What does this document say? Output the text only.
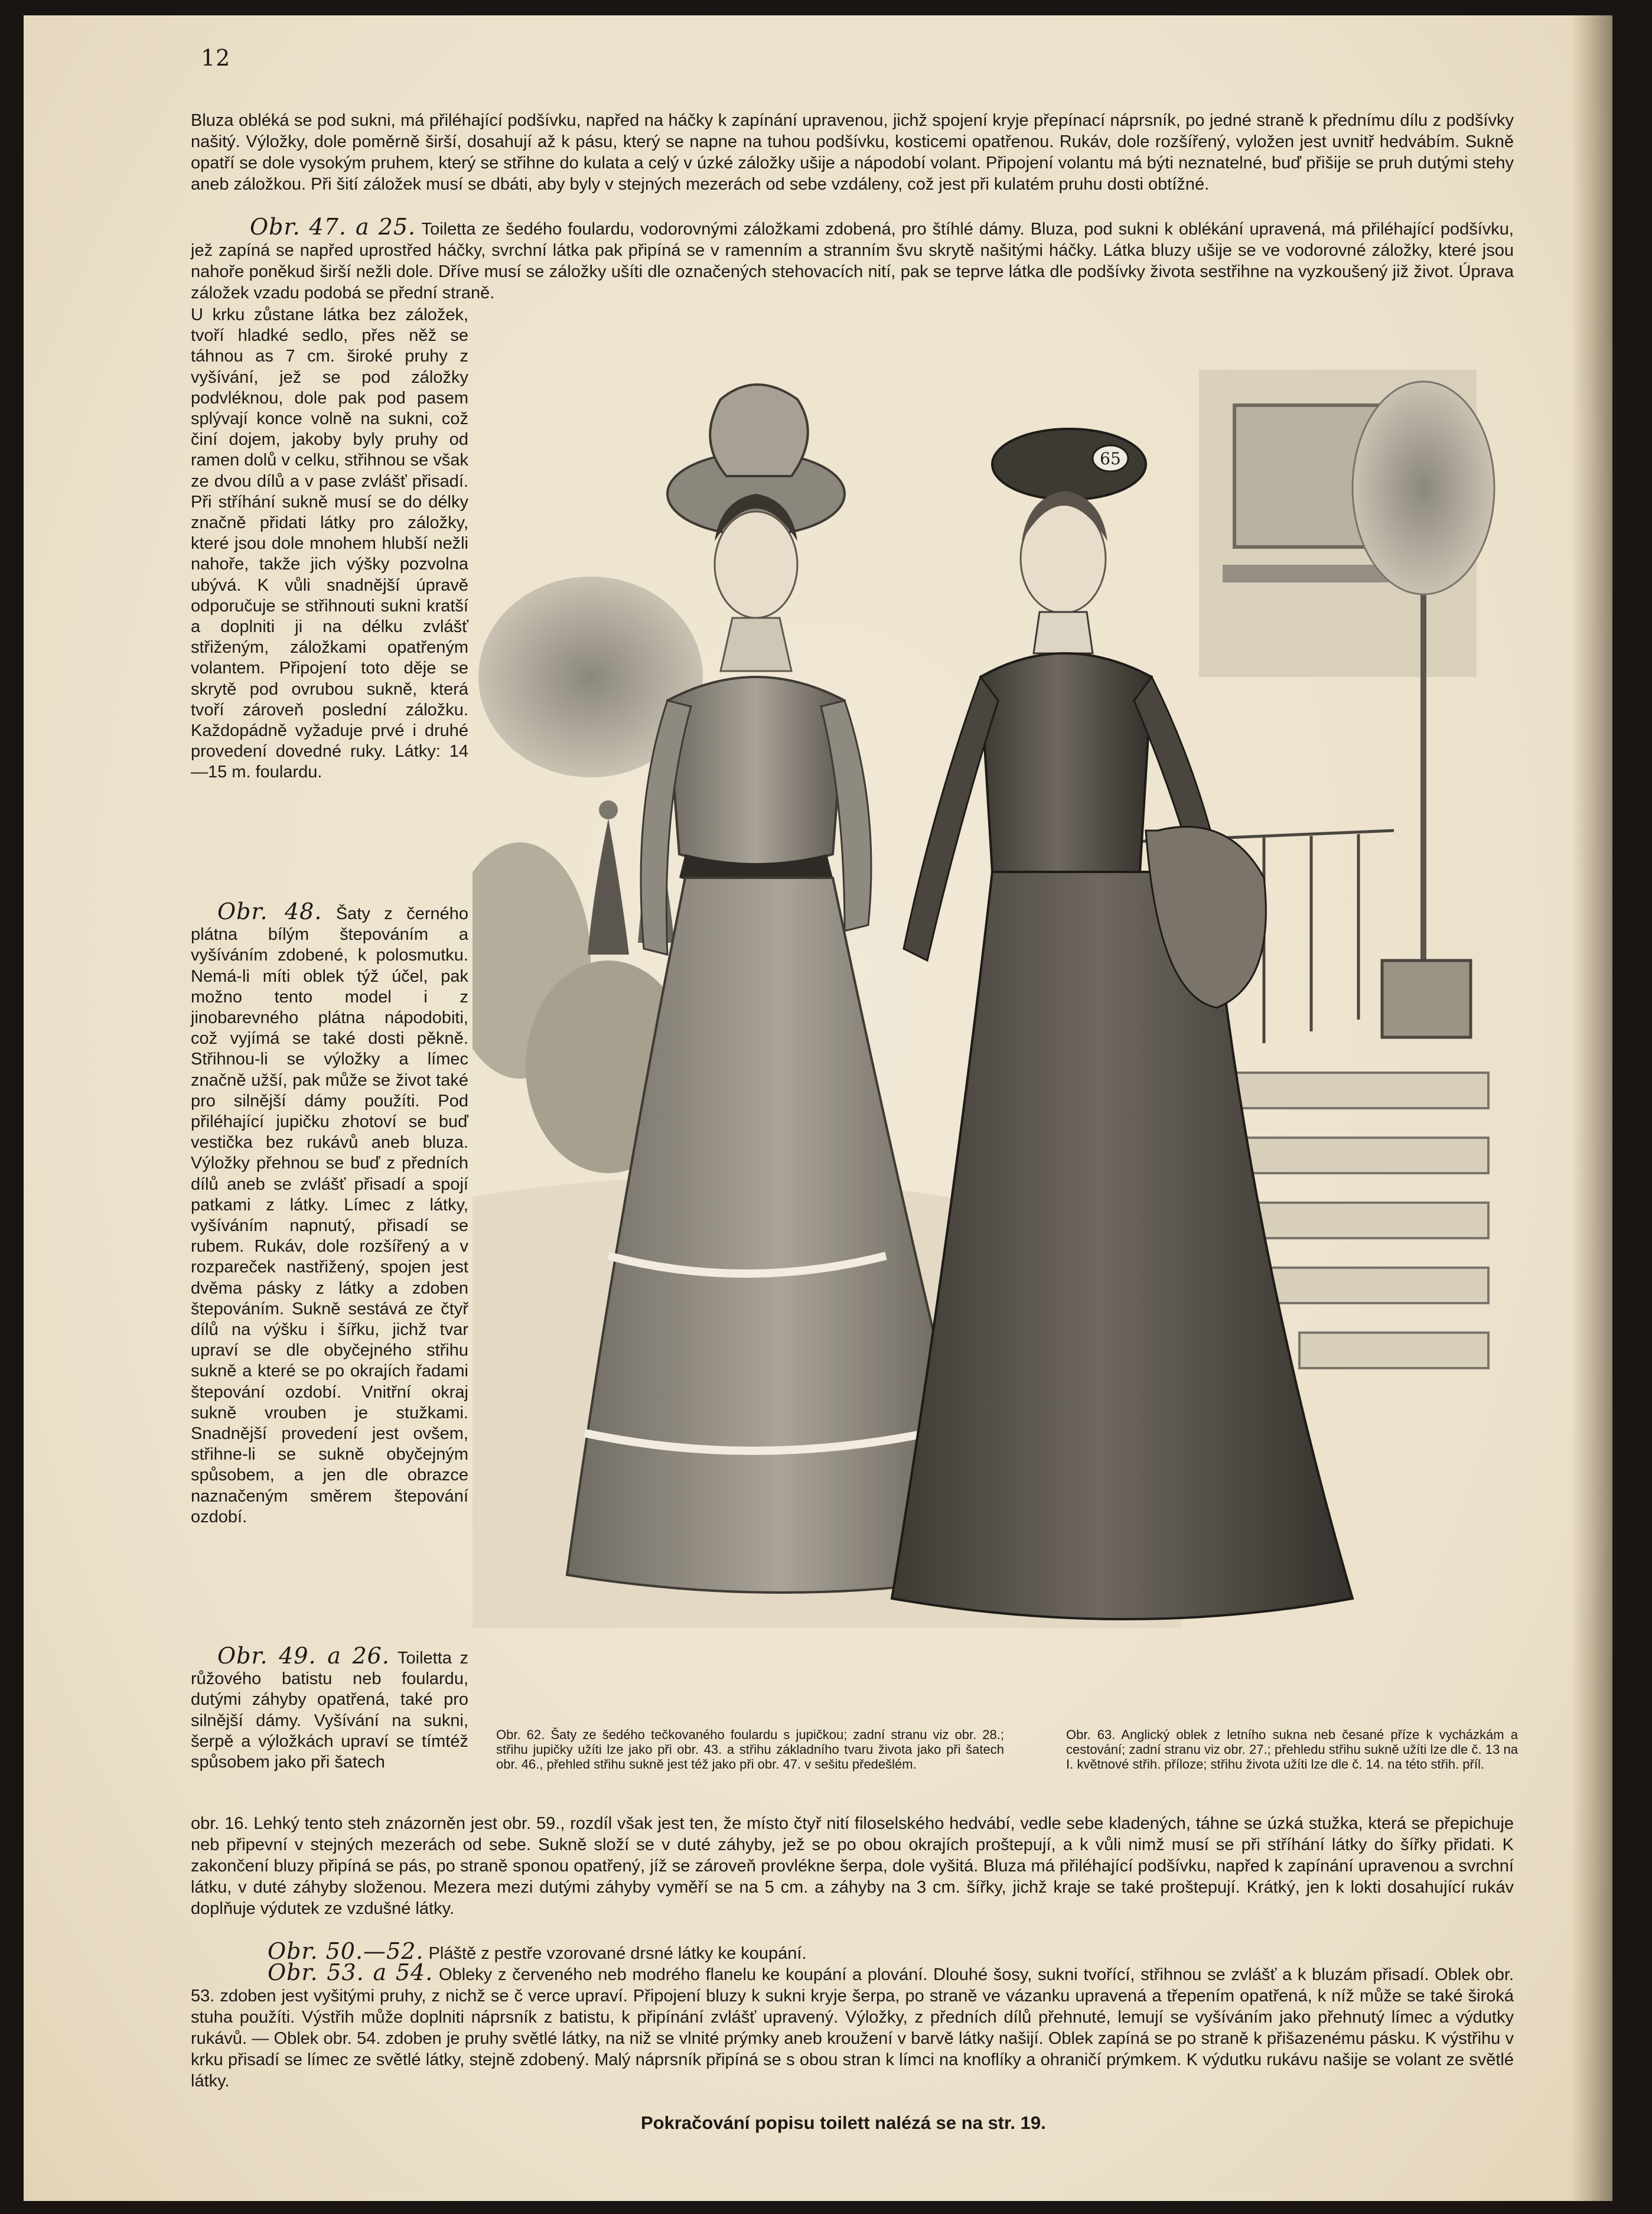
12

Bluza obléká se pod sukni, má přiléhající podšívku, napřed na háčky k zapínání upravenou, jichž spojení kryje přepínací náprsník, po jedné straně k přednímu dílu z podšívky našitý. Výložky, dole poměrně širší, dosahují až k pásu, který se napne na tuhou podšívku, kosticemi opatřenou. Rukáv, dole rozšířený, vyložen jest uvnitř hedvábím. Sukně opatří se dole vysokým pruhem, který se střihne do kulata a celý v úzké záložky ušije a nápodobí volant. Připojení volantu má býti neznatelné, buď přišije se pruh dutými stehy aneb záložkou. Při šití záložek musí se dbáti, aby byly v stejných mezerách od sebe vzdáleny, což jest při kulatém pruhu dosti obtížné.

Obr. 47. a 25. Toiletta ze šedého foulardu, vodorovnými záložkami zdobená, pro štíhlé dámy. Bluza, pod sukni k oblékání upravená, má přiléhající podšívku, jež zapíná se napřed uprostřed háčky, svrchní látka pak připíná se v ramenním a stranním švu skrytě našitými háčky. Látka bluzy ušije se ve vodorovné záložky, které jsou nahoře poněkud širší nežli dole. Dříve musí se záložky ušíti dle označených stehovacích nití, pak se teprve látka dle podšívky života sestřihne na vyzkoušený již život. Úprava záložek vzadu podobá se přední straně.

U krku zůstane látka bez záložek, tvoří hladké sedlo, přes něž se táhnou as 7 cm. široké pruhy z vyšívání, jež se pod záložky podvléknou, dole pak pod pasem splývají konce volně na sukni, což činí dojem, jakoby byly pruhy od ramen dolů v celku, střihnou se však ze dvou dílů a v pase zvlášť přisadí. Při stříhání sukně musí se do délky značně přidati látky pro záložky, které jsou dole mnohem hlubší nežli nahoře, takže jich výšky pozvolna ubývá. K vůli snadnější úpravě odporučuje se střihnouti sukni kratší a doplniti ji na délku zvlášť střiženým, záložkami opatřeným volantem. Připojení toto děje se skrytě pod ovrubou sukně, která tvoří zároveň poslední záložku. Každopádně vyžaduje prvé i druhé provedení dovedné ruky. Látky: 14—15 m. foulardu.

Obr. 48. Šaty z černého plátna bílým štepováním a vyšíváním zdobené, k polosmutku. Nemá-li míti oblek týž účel, pak možno tento model i z jinobarevného plátna nápodobiti, což vyjímá se také dosti pěkně. Střihnou-li se výložky a límec značně užší, pak může se život také pro silnější dámy použíti. Pod přiléhající jupičku zhotoví se buď vestička bez rukávů aneb bluza. Výložky přehnou se buď z předních dílů aneb se zvlášť přisadí a spojí patkami z látky. Límec z látky, vyšíváním napnutý, přisadí se rubem. Rukáv, dole rozšířený a v rozpareček nastřižený, spojen jest dvěma pásky z látky a zdoben štepováním. Sukně sestává ze čtyř dílů na výšku i šířku, jichž tvar upraví se dle obyčejného střihu sukně a které se po okrajích řadami štepování ozdobí. Vnitřní okraj sukně vrouben je stužkami. Snadnější provedení jest ovšem, střihne-li se sukně obyčejným spůsobem, a jen dle obrazce naznačeným směrem štepování ozdobí.

Obr. 49. a 26. Toiletta z růžového batistu neb foulardu, dutými záhyby opatřená, také pro silnější dámy. Vyšívání na sukni, šerpě a výložkách upraví se tímtéž spůsobem jako při šatech

65

Obr. 62. Šaty ze šedého tečkovaného foulardu s jupičkou; zadní stranu viz obr. 28.; střihu jupičky užíti lze jako při obr. 43. a střihu základního tvaru života jako při šatech obr. 46., přehled střihu sukně jest též jako při obr. 47. v sešitu předešlém.

Obr. 63. Anglický oblek z letního sukna neb česané příze k vycházkám a cestování; zadní stranu viz obr. 27.; přehledu střihu sukně užíti lze dle č. 13 na I. květnové střih. příloze; střihu života užíti lze dle č. 14. na této střih. příl.

obr. 16. Lehký tento steh znázorněn jest obr. 59., rozdíl však jest ten, že místo čtyř nití filoselského hedvábí, vedle sebe kladených, táhne se úzká stužka, která se přepichuje neb připevní v stejných mezerách od sebe. Sukně složí se v duté záhyby, jež se po obou okrajích proštepují, a k vůli nimž musí se při stříhání látky do šířky přidati. K zakončení bluzy připíná se pás, po straně sponou opatřený, jíž se zároveň provlékne šerpa, dole vyšitá. Bluza má přiléhající podšívku, napřed k zapínání upravenou a svrchní látku, v duté záhyby složenou. Mezera mezi dutými záhyby vyměří se na 5 cm. a záhyby na 3 cm. šířky, jichž kraje se také proštepují. Krátký, jen k lokti dosahující rukáv doplňuje výdutek ze vzdušné látky.

Obr. 50.—52. Pláště z pestře vzorované drsné látky ke koupání.

Obr. 53. a 54. Obleky z červeného neb modrého flanelu ke koupání a plování. Dlouhé šosy, sukni tvořící, střihnou se zvlášť a k bluzám přisadí. Oblek obr. 53. zdoben jest vyšitými pruhy, z nichž se č verce upraví. Připojení bluzy k sukni kryje šerpa, po straně ve vázanku upravená a třepením opatřená, k níž může se také široká stuha použíti. Výstřih může doplniti náprsník z batistu, k připínání zvlášť upravený. Výložky, z předních dílů přehnuté, lemují se vyšíváním jako přehnutý límec a výdutky rukávů. — Oblek obr. 54. zdoben je pruhy světlé látky, na niž se vlnité prýmky aneb kroužení v barvě látky našijí. Oblek zapíná se po straně k přišazenému pásku. K výstřihu v krku přisadí se límec ze světlé látky, stejně zdobený. Malý náprsník připíná se s obou stran k límci na knoflíky a ohraničí prýmkem. K výdutku rukávu našije se volant ze světlé látky.

Pokračování popisu toilett nalézá se na str. 19.
